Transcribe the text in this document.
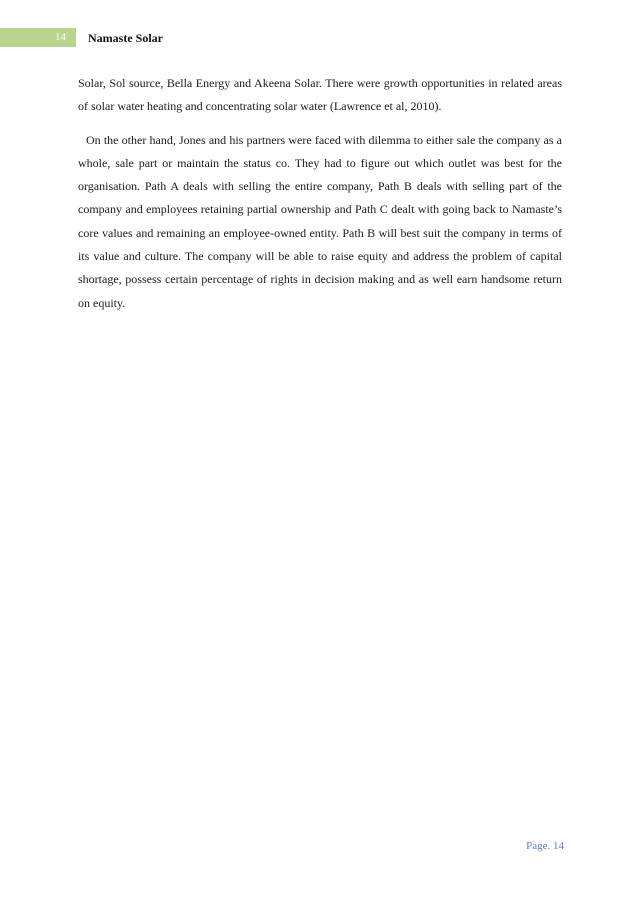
14 Namaste Solar

Solar, Sol source, Bella Energy and Akeena Solar. There were growth opportunities in related areas of solar water heating and concentrating solar water (Lawrence et al, 2010).

On the other hand, Jones and his partners were faced with dilemma to either sale the company as a whole, sale part or maintain the status co. They had to figure out which outlet was best for the organisation. Path A deals with selling the entire company, Path B deals with selling part of the company and employees retaining partial ownership and Path C dealt with going back to Namaste’s core values and remaining an employee-owned entity. Path B will best suit the company in terms of its value and culture. The company will be able to raise equity and address the problem of capital shortage, possess certain percentage of rights in decision making and as well earn handsome return on equity.

Page. 14
